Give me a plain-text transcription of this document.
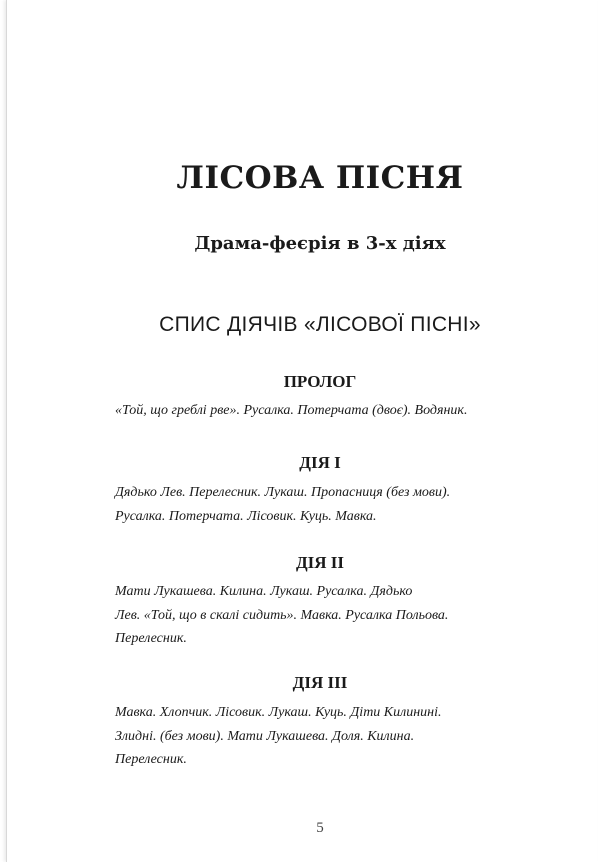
ЛІСОВА ПІСНЯ
Драма-феєрія в 3-х діях
СПИС ДІЯЧІВ «ЛІСОВОЇ ПІСНІ»
ПРОЛОГ
«Той, що греблі рве». Русалка. Потерчата (двоє). Водяник.
ДІЯ І
Дядько Лев. Перелесник. Лукаш. Пропасниця (без мови).
Русалка. Потерчата. Лісовик. Куць. Мавка.
ДІЯ ІІ
Мати Лукашева. Килина. Лукаш. Русалка. Дядько
Лев. «Той, що в скалі сидить». Мавка. Русалка Польова.
Перелесник.
ДІЯ ІІІ
Мавка. Хлопчик. Лісовик. Лукаш. Куць. Діти Килинині.
Злидні. (без мови). Мати Лукашева. Доля. Килина.
Перелесник.
5
